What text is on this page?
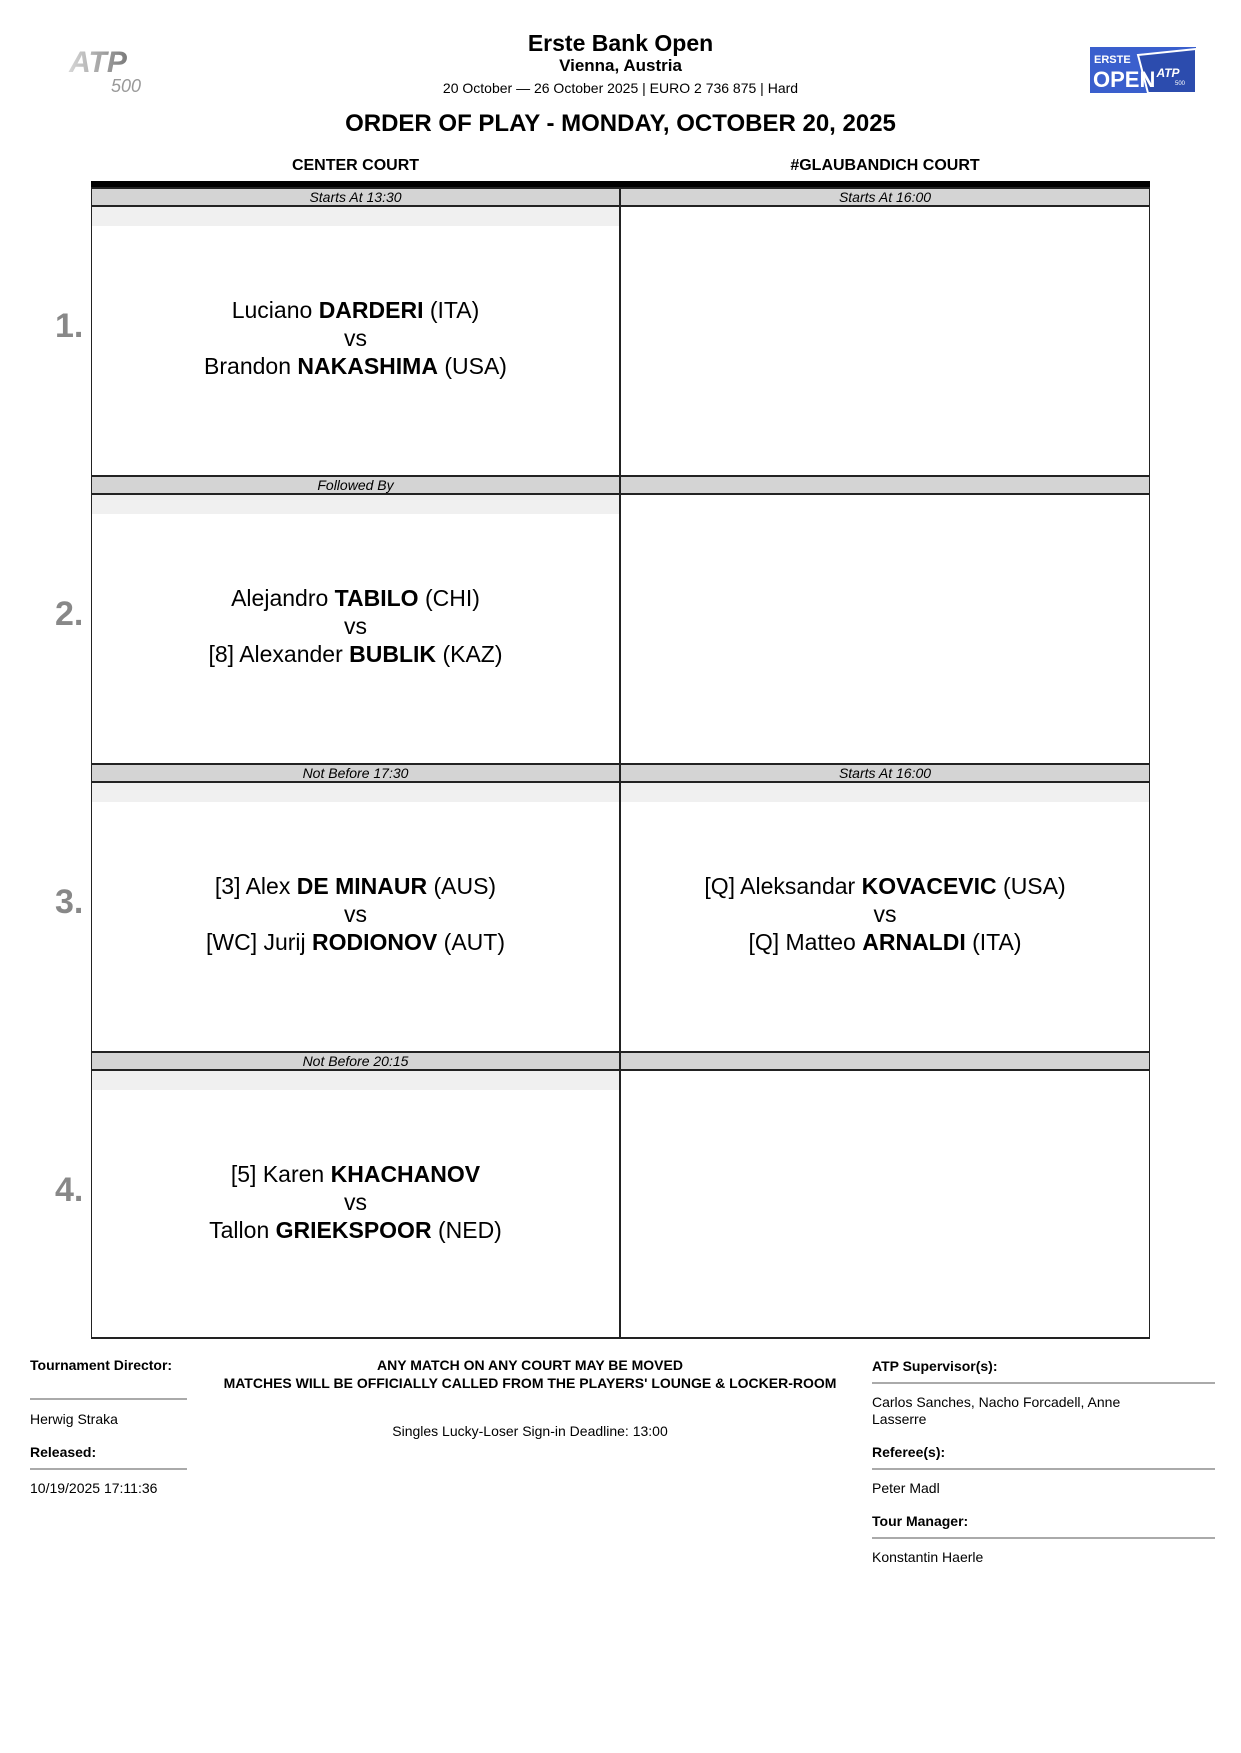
ATP
500
Erste Bank Open
Vienna, Austria
20 October — 26 October 2025 | EURO 2 736 875 | Hard
ERSTE
OPEN ATP
500
ORDER OF PLAY - MONDAY, OCTOBER 20, 2025
CENTER COURT	#GLAUBANDICH COURT
1.
Starts At 13:30
Luciano DARDERI (ITA)
vs
Brandon NAKASHIMA (USA)
Starts At 16:00
2.
Followed By
Alejandro TABILO (CHI)
vs
[8] Alexander BUBLIK (KAZ)
3.
Not Before 17:30
[3] Alex DE MINAUR (AUS)
vs
[WC] Jurij RODIONOV (AUT)
Starts At 16:00
[Q] Aleksandar KOVACEVIC (USA)
vs
[Q] Matteo ARNALDI (ITA)
4.
Not Before 20:15
[5] Karen KHACHANOV
vs
Tallon GRIEKSPOOR (NED)
Tournament Director:
Herwig Straka
Released:
10/19/2025 17:11:36
ANY MATCH ON ANY COURT MAY BE MOVED
MATCHES WILL BE OFFICIALLY CALLED FROM THE PLAYERS' LOUNGE & LOCKER-ROOM
Singles Lucky-Loser Sign-in Deadline: 13:00
ATP Supervisor(s):
Carlos Sanches, Nacho Forcadell, Anne Lasserre
Referee(s):
Peter Madl
Tour Manager:
Konstantin Haerle
